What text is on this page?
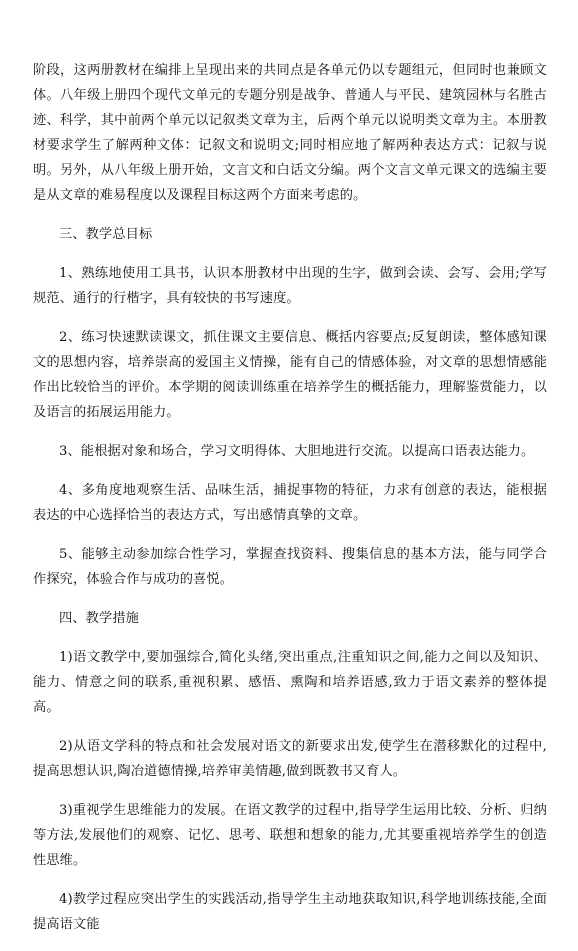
阶段，这两册教材在编排上呈现出来的共同点是各单元仍以专题组元，但同时也兼顾文体。八年级上册四个现代文单元的专题分别是战争、普通人与平民、建筑园林与名胜古迹、科学，其中前两个单元以记叙类文章为主，后两个单元以说明类文章为主。本册教材要求学生了解两种文体：记叙文和说明文;同时相应地了解两种表达方式：记叙与说明。另外，从八年级上册开始，文言文和白话文分编。两个文言文单元课文的选编主要是从文章的难易程度以及课程目标这两个方面来考虑的。

三、教学总目标

1、熟练地使用工具书，认识本册教材中出现的生字，做到会读、会写、会用;学写规范、通行的行楷字，具有较快的书写速度。

2、练习快速默读课文，抓住课文主要信息、概括内容要点;反复朗读，整体感知课文的思想内容，培养崇高的爱国主义情操，能有自己的情感体验，对文章的思想情感能作出比较恰当的评价。本学期的阅读训练重在培养学生的概括能力，理解鉴赏能力，以及语言的拓展运用能力。

3、能根据对象和场合，学习文明得体、大胆地进行交流。以提高口语表达能力。

4、多角度地观察生活、品味生活，捕捉事物的特征，力求有创意的表达，能根据表达的中心选择恰当的表达方式，写出感情真挚的文章。

5、能够主动参加综合性学习，掌握查找资料、搜集信息的基本方法，能与同学合作探究，体验合作与成功的喜悦。

四、教学措施

1)语文教学中,要加强综合,简化头绪,突出重点,注重知识之间,能力之间以及知识、能力、情意之间的联系,重视积累、感悟、熏陶和培养语感,致力于语文素养的整体提高。

2)从语文学科的特点和社会发展对语文的新要求出发,使学生在潜移默化的过程中,提高思想认识,陶冶道德情操,培养审美情趣,做到既教书又育人。

3)重视学生思维能力的发展。在语文教学的过程中,指导学生运用比较、分析、归纳等方法,发展他们的观察、记忆、思考、联想和想象的能力,尤其要重视培养学生的创造性思维。

4)教学过程应突出学生的实践活动,指导学生主动地获取知识,科学地训练技能,全面提高语文能
